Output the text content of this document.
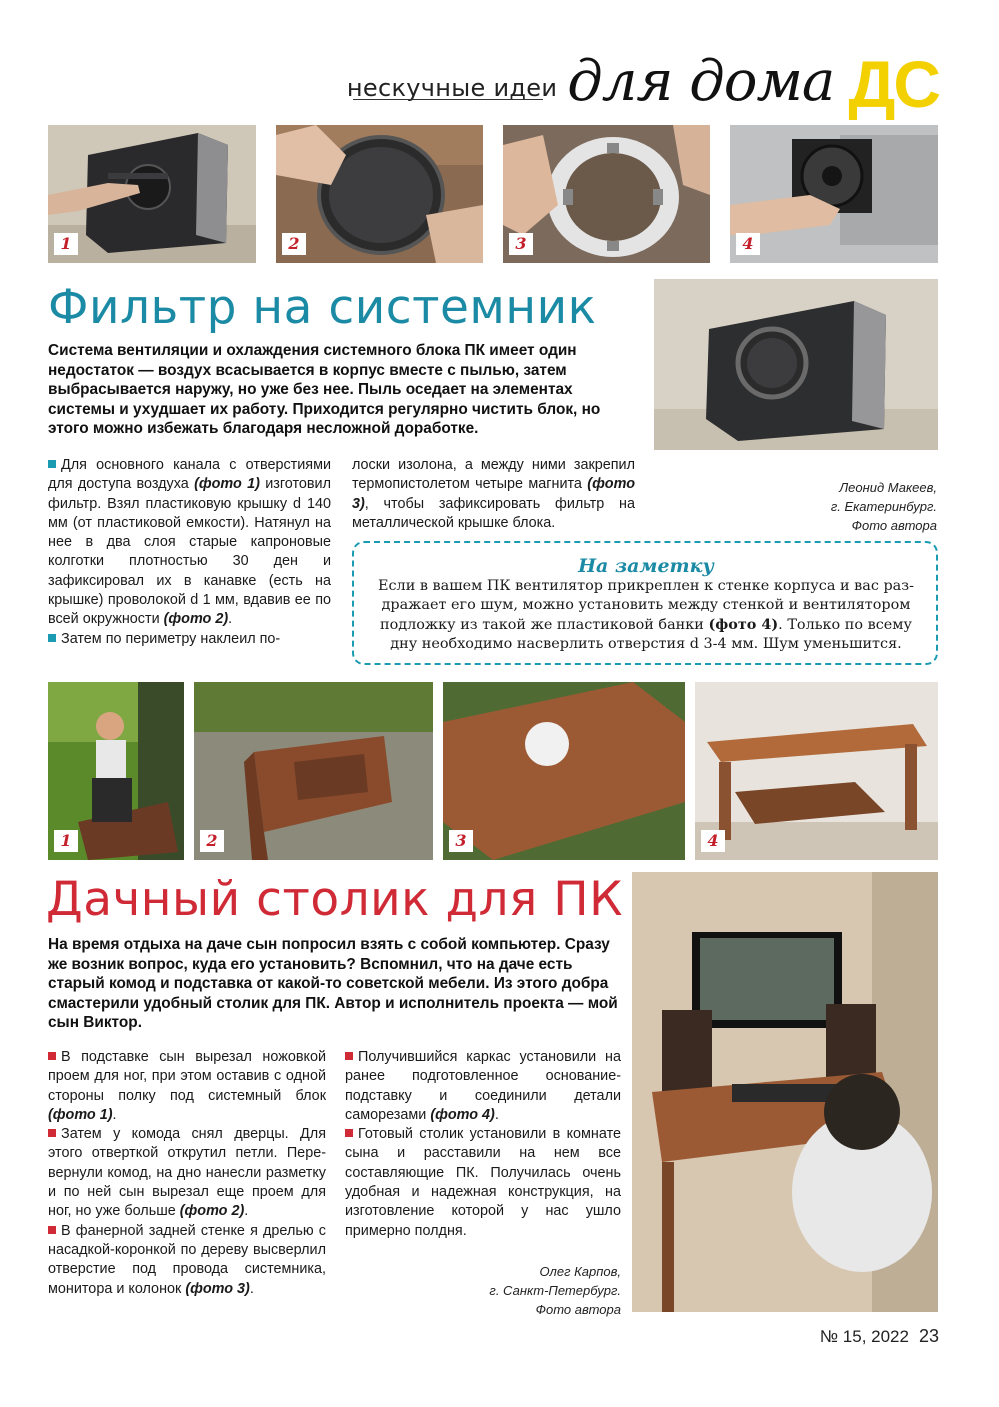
нескучные идеи для дома ДС
1	2	3	4
Фильтр на системник
Система вентиляции и охлаждения системного блока ПК имеет один недостаток — воздух всасывается в корпус вместе с пылью, затем выбрасывается наружу, но уже без нее. Пыль оседает на элементах системы и ухудшает их работу. Приходится регулярно чистить блок, но этого можно избежать благодаря несложной доработке.

Для основного канала с отверстиями для доступа воздуха (фото 1) изготовил фильтр. Взял пластиковую крышку d 140 мм (от пластиковой емкости). Натянул на нее в два слоя старые капроновые колготки плотностью 30 ден и зафиксировал их в канавке (есть на крышке) проволокой d 1 мм, вдавив ее по всей окружности (фото 2).

Затем по периметру наклеил по-

лоски изолона, а между ними закрепил термопистолетом четыре магнита (фото 3), чтобы зафиксировать фильтр на металлической крышке блока.

Леонид Макеев,
г. Екатеринбург.
Фото автора
На заметку
Если в вашем ПК вентилятор прикреплен к стенке корпуса и вас раздражает его шум, можно установить между стенкой и вентилятором подложку из такой же пластиковой банки (фото 4). Только по всему дну необходимо насверлить отверстия d 3-4 мм. Шум уменьшится.
1	2	3	4
Дачный столик для ПК
На время отдыха на даче сын попросил взять с собой компьютер. Сразу же возник вопрос, куда его установить? Вспомнил, что на даче есть старый комод и подставка от какой-то советской мебели. Из этого добра смастерили удобный столик для ПК. Автор и исполнитель проекта — мой сын Виктор.

В подставке сын вырезал ножовкой проем для ног, при этом оставив с одной стороны полку под системный блок (фото 1).

Затем у комода снял дверцы. Для этого отверткой открутил петли. Перевернули комод, на дно нанесли разметку и по ней сын вырезал еще проем для ног, но уже больше (фото 2).

В фанерной задней стенке я дрелью с насадкой-коронкой по дереву высверлил отверстие под провода системника, монитора и колонок (фото 3).

Получившийся каркас установили на ранее подготовленное основание-подставку и соединили детали саморезами (фото 4).

Готовый столик установили в комнате сына и расставили на нем все составляющие ПК. Получилась очень удобная и надежная конструкция, на изготовление которой у нас ушло примерно полдня.

Олег Карпов,
г. Санкт-Петербург.
Фото автора
№ 15, 2022 23
